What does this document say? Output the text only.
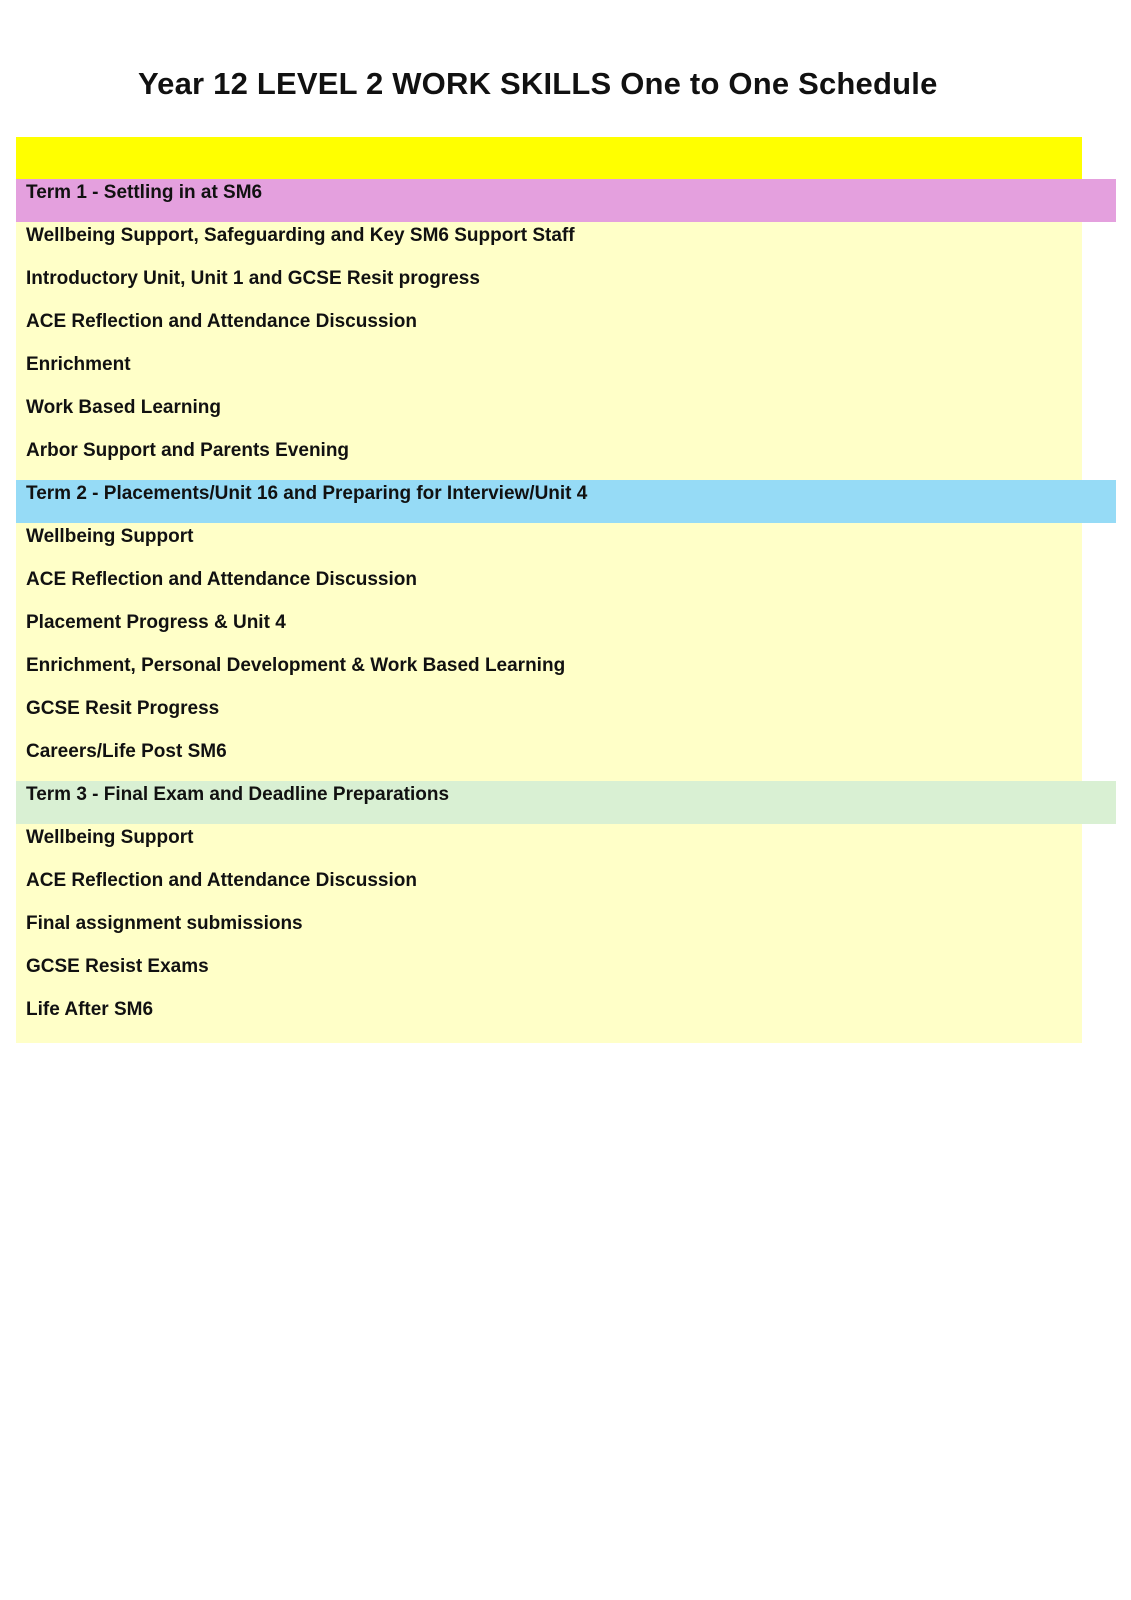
Year 12 LEVEL 2 WORK SKILLS One to One Schedule
Term 1 - Settling in at SM6
Wellbeing Support, Safeguarding and Key SM6 Support Staff
Introductory Unit, Unit 1 and GCSE Resit progress
ACE Reflection and Attendance Discussion
Enrichment
Work Based Learning
Arbor Support and Parents Evening
Term 2 - Placements/Unit 16 and Preparing for Interview/Unit 4
Wellbeing Support
ACE Reflection and Attendance Discussion
Placement Progress & Unit 4
Enrichment, Personal Development & Work Based Learning
GCSE Resit Progress
Careers/Life Post SM6
Term 3 - Final Exam and Deadline Preparations
Wellbeing Support
ACE Reflection and Attendance Discussion
Final assignment submissions
GCSE Resist Exams
Life After SM6
